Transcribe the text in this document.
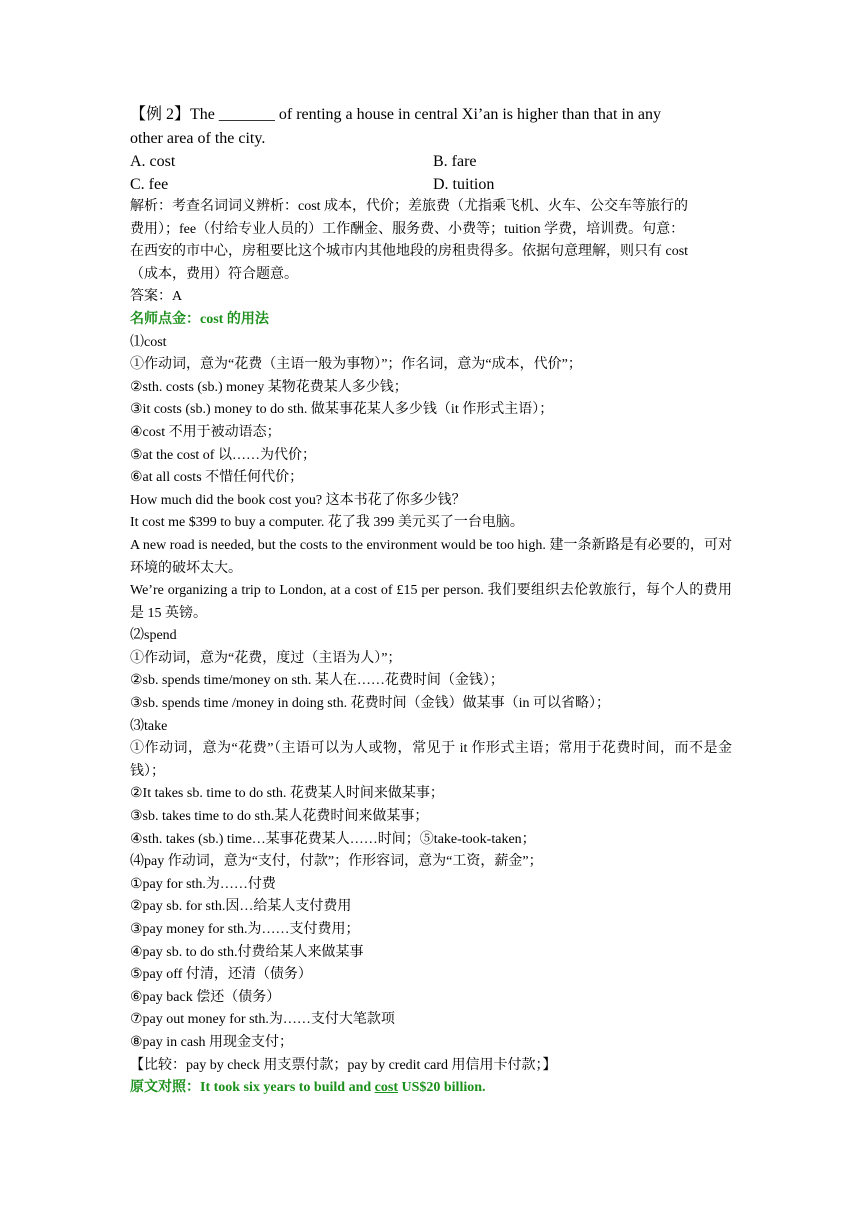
【例 2】The _______ of renting a house in central Xi’an is higher than that in any
other area of the city.
A. cost	B. fare
C. fee	D. tuition
解析：考查名词词义辨析：cost 成本，代价；差旅费（尤指乘飞机、火车、公交车等旅行的
费用）；fee（付给专业人员的）工作酬金、服务费、小费等；tuition 学费，培训费。句意：
在西安的市中心，房租要比这个城市内其他地段的房租贵得多。依据句意理解，则只有 cost
（成本，费用）符合题意。
答案：A
名师点金：cost 的用法
⑴cost
①作动词，意为“花费（主语一般为事物）”；作名词，意为“成本，代价”；
②sth. costs (sb.) money 某物花费某人多少钱；
③it costs (sb.) money to do sth. 做某事花某人多少钱（it 作形式主语）；
④cost 不用于被动语态；
⑤at the cost of 以……为代价；
⑥at all costs 不惜任何代价；
How much did the book cost you? 这本书花了你多少钱？
It cost me $399 to buy a computer. 花了我 399 美元买了一台电脑。
A new road is needed, but the costs to the environment would be too high. 建一条新路是有必要的，可对环境的破坏太大。
We’re organizing a trip to London, at a cost of £15 per person. 我们要组织去伦敦旅行，每个人的费用是 15 英镑。
⑵spend
①作动词，意为“花费，度过（主语为人）”；
②sb. spends time/money on sth. 某人在……花费时间（金钱）；
③sb. spends time /money in doing sth. 花费时间（金钱）做某事（in 可以省略）；
⑶take
①作动词，意为“花费”（主语可以为人或物，常见于 it 作形式主语；常用于花费时间，而不是金钱）；
②It takes sb. time to do sth. 花费某人时间来做某事；
③sb. takes time to do sth.某人花费时间来做某事；
④sth. takes (sb.) time…某事花费某人……时间；⑤take-took-taken；
⑷pay 作动词，意为“支付，付款”；作形容词，意为“工资，薪金”；
①pay for sth.为……付费
②pay sb. for sth.因…给某人支付费用
③pay money for sth.为……支付费用；
④pay sb. to do sth.付费给某人来做某事
⑤pay off 付清，还清（债务）
⑥pay back 偿还（债务）
⑦pay out money for sth.为……支付大笔款项
⑧pay in cash 用现金支付；
【比较：pay by check 用支票付款；pay by credit card 用信用卡付款；】
原文对照：It took six years to build and cost US$20 billion.
